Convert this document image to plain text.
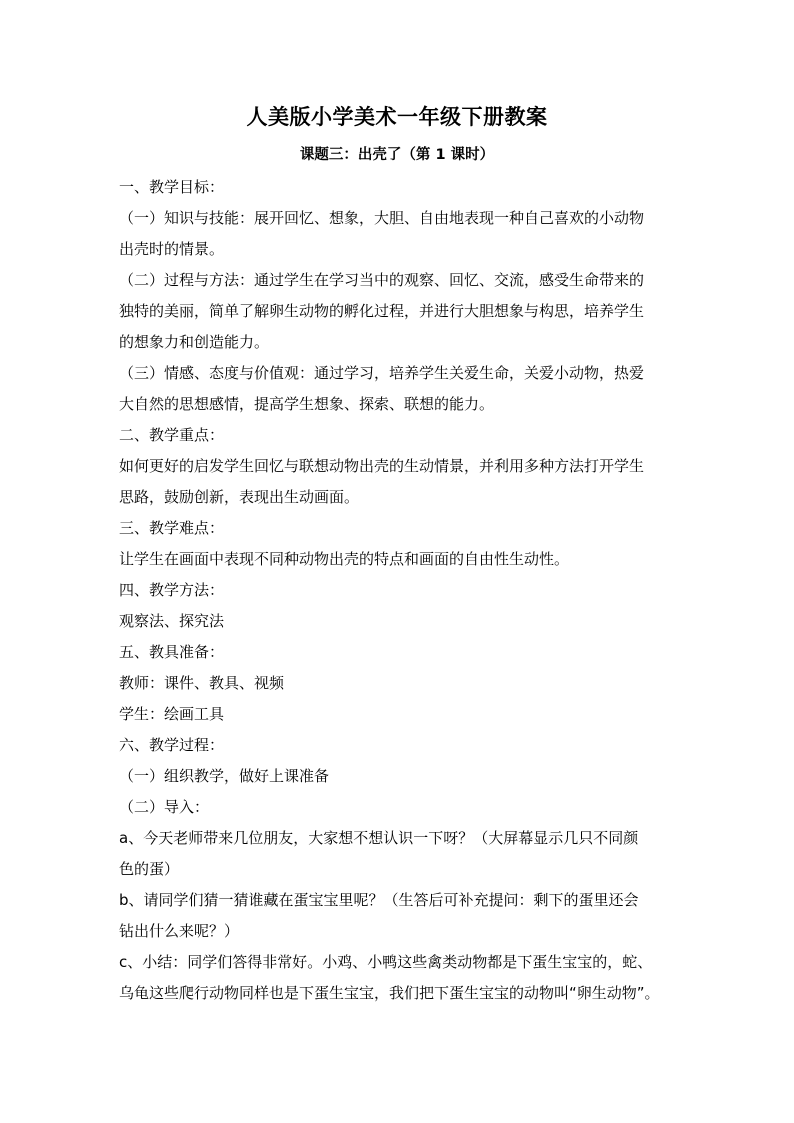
人美版小学美术一年级下册教案
课题三：出壳了（第 1 课时）

一、教学目标：

（一）知识与技能：展开回忆、想象，大胆、自由地表现一种自己喜欢的小动物

出壳时的情景。

（二）过程与方法：通过学生在学习当中的观察、回忆、交流，感受生命带来的

独特的美丽，简单了解卵生动物的孵化过程，并进行大胆想象与构思，培养学生

的想象力和创造能力。

（三）情感、态度与价值观：通过学习，培养学生关爱生命，关爱小动物，热爱

大自然的思想感情，提高学生想象、探索、联想的能力。

二、教学重点：

如何更好的启发学生回忆与联想动物出壳的生动情景，并利用多种方法打开学生

思路，鼓励创新，表现出生动画面。

三、教学难点：

让学生在画面中表现不同种动物出壳的特点和画面的自由性生动性。

四、教学方法：

观察法、探究法

五、教具准备：

教师：课件、教具、视频

学生：绘画工具

六、教学过程：

（一）组织教学，做好上课准备

（二）导入：

a、今天老师带来几位朋友，大家想不想认识一下呀？（大屏幕显示几只不同颜

色的蛋）

b、请同学们猜一猜谁藏在蛋宝宝里呢？（生答后可补充提问：剩下的蛋里还会

钻出什么来呢？）

c、小结：同学们答得非常好。小鸡、小鸭这些禽类动物都是下蛋生宝宝的，蛇、

乌龟这些爬行动物同样也是下蛋生宝宝，我们把下蛋生宝宝的动物叫“卵生动物”。
